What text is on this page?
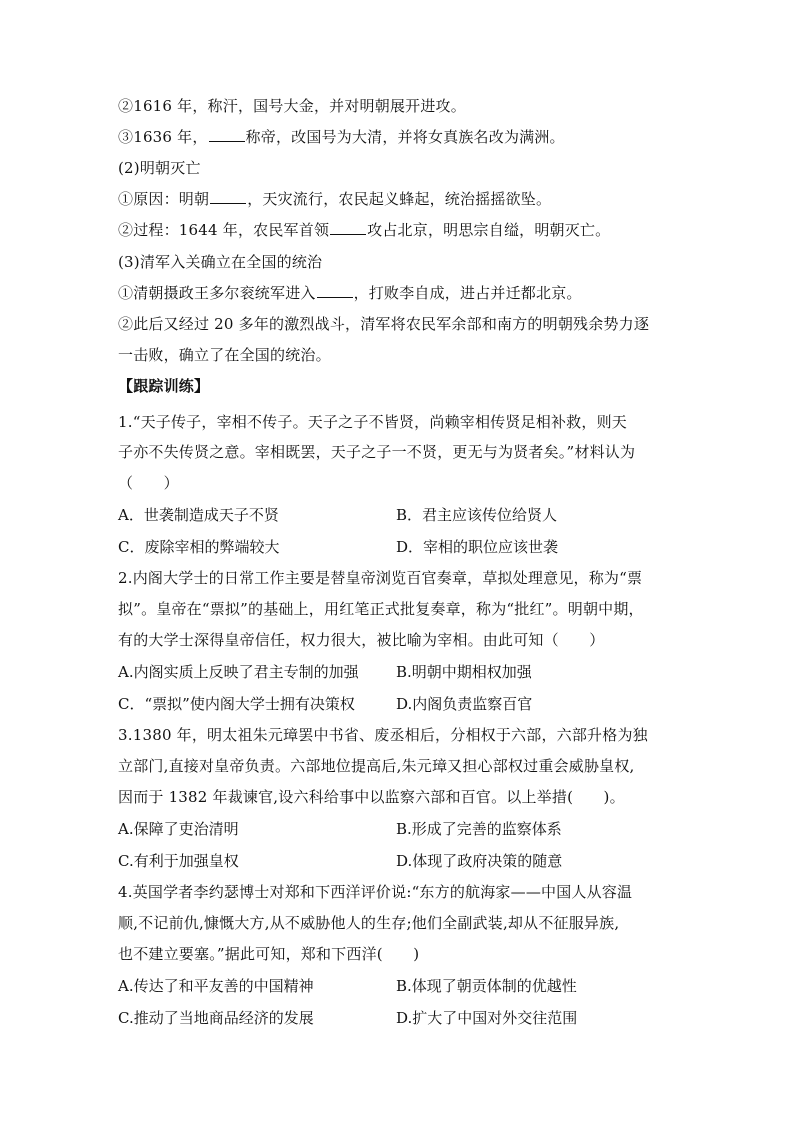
②1616 年，称汗，国号大金，并对明朝展开进攻。
③1636 年，	称帝，改国号为大清，并将女真族名改为满洲。
(2)明朝灭亡
①原因：明朝	，天灾流行，农民起义蜂起，统治摇摇欲坠。
②过程：1644 年，农民军首领	攻占北京，明思宗自缢，明朝灭亡。
(3)清军入关确立在全国的统治
①清朝摄政王多尔衮统军进入	，打败李自成，进占并迁都北京。
②此后又经过 20 多年的激烈战斗，清军将农民军余部和南方的明朝残余势力逐
一击败，确立了在全国的统治。
【跟踪训练】
1.“天子传子，宰相不传子。天子之子不皆贤，尚赖宰相传贤足相补救，则天
子亦不失传贤之意。宰相既罢，天子之子一不贤，更无与为贤者矣。”材料认为
（　　）
A．世袭制造成天子不贤	B．君主应该传位给贤人
C．废除宰相的弊端较大	D．宰相的职位应该世袭
2.内阁大学士的日常工作主要是替皇帝浏览百官奏章，草拟处理意见，称为“票
拟”。皇帝在“票拟”的基础上，用红笔正式批复奏章，称为“批红”。明朝中期，
有的大学士深得皇帝信任，权力很大，被比喻为宰相。由此可知（　　）
A.内阁实质上反映了君主专制的加强 B.明朝中期相权加强
C．“票拟”使内阁大学士拥有决策权	D.内阁负责监察百官
3.1380 年，明太祖朱元璋罢中书省、废丞相后，分相权于六部，六部升格为独
立部门,直接对皇帝负责。六部地位提高后,朱元璋又担心部权过重会威胁皇权,
因而于 1382 年裁谏官,设六科给事中以监察六部和百官。以上举措(　　)。
A.保障了吏治清明	B.形成了完善的监察体系
C.有利于加强皇权	D.体现了政府决策的随意
4.英国学者李约瑟博士对郑和下西洋评价说:“东方的航海家——中国人从容温
顺,不记前仇,慷慨大方,从不威胁他人的生存;他们全副武装,却从不征服异族,
也不建立要塞。”据此可知，郑和下西洋(　　)
A.传达了和平友善的中国精神	B.体现了朝贡体制的优越性
C.推动了当地商品经济的发展	D.扩大了中国对外交往范围
